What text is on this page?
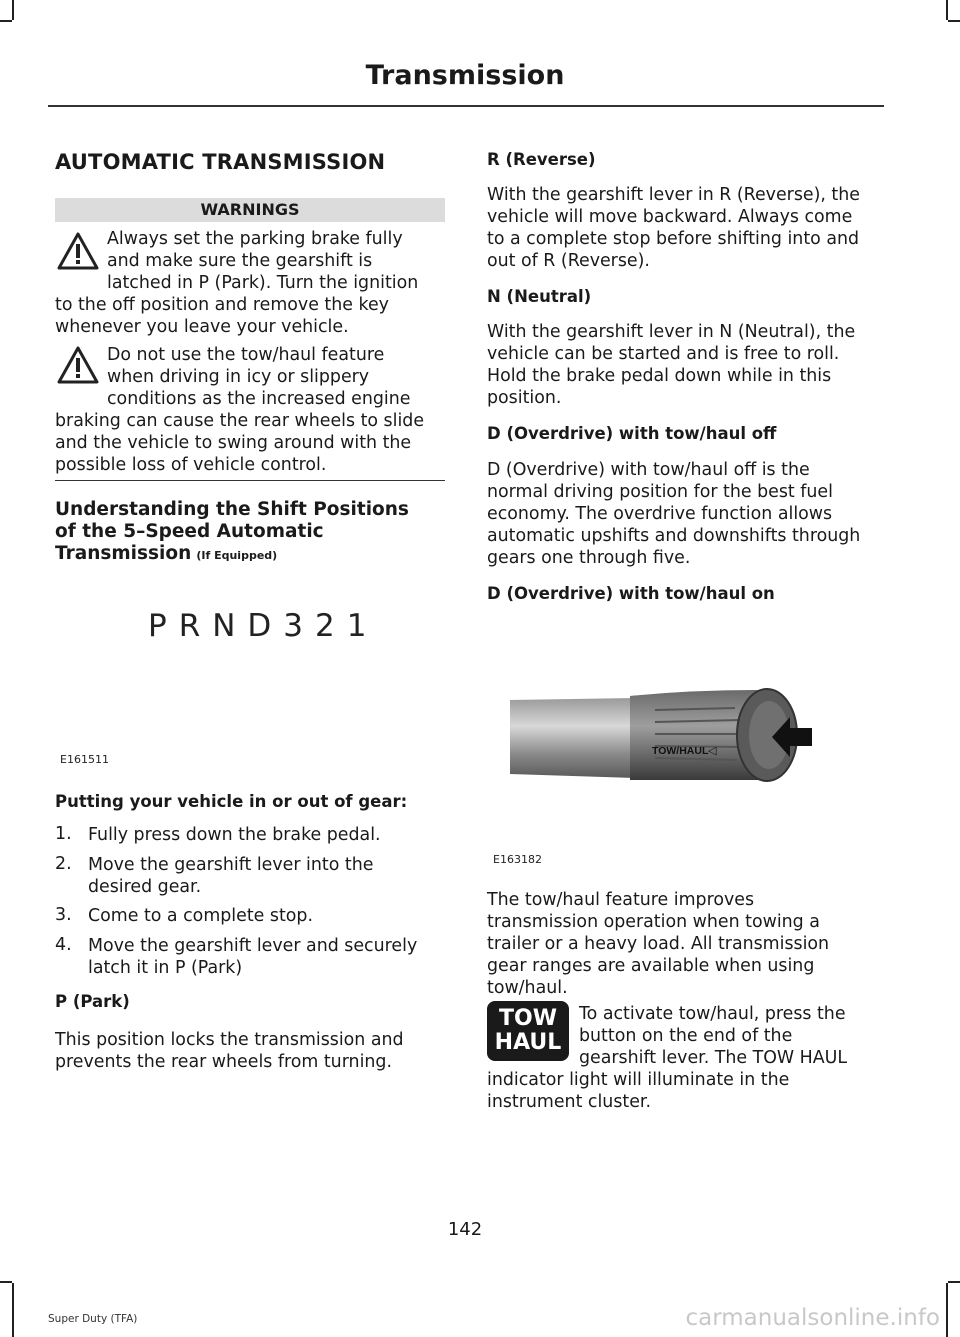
Transmission
AUTOMATIC TRANSMISSION
WARNINGS
Always set the parking brake fully
and make sure the gearshift is
latched in P (Park). Turn the ignition
to the off position and remove the key
whenever you leave your vehicle.
Do not use the tow/haul feature
when driving in icy or slippery
conditions as the increased engine
braking can cause the rear wheels to slide
and the vehicle to swing around with the
possible loss of vehicle control.
Understanding the Shift Positions
of the 5–Speed Automatic
Transmission (If Equipped)
PRND321
E161511
Putting your vehicle in or out of gear:
1. Fully press down the brake pedal.
2. Move the gearshift lever into the
desired gear.
3. Come to a complete stop.
4. Move the gearshift lever and securely
latch it in P (Park)
P (Park)
This position locks the transmission and
prevents the rear wheels from turning.
R (Reverse)
With the gearshift lever in R (Reverse), the
vehicle will move backward. Always come
to a complete stop before shifting into and
out of R (Reverse).
N (Neutral)
With the gearshift lever in N (Neutral), the
vehicle can be started and is free to roll.
Hold the brake pedal down while in this
position.
D (Overdrive) with tow/haul off
D (Overdrive) with tow/haul off is the
normal driving position for the best fuel
economy. The overdrive function allows
automatic upshifts and downshifts through
gears one through five.
D (Overdrive) with tow/haul on
TOW/HAUL ◁
E163182
The tow/haul feature improves
transmission operation when towing a
trailer or a heavy load. All transmission
gear ranges are available when using
tow/haul.
TOW
HAUL
To activate tow/haul, press the
button on the end of the
gearshift lever. The TOW HAUL
indicator light will illuminate in the
instrument cluster.
142
Super Duty (TFA)	carmanualsonline.info
